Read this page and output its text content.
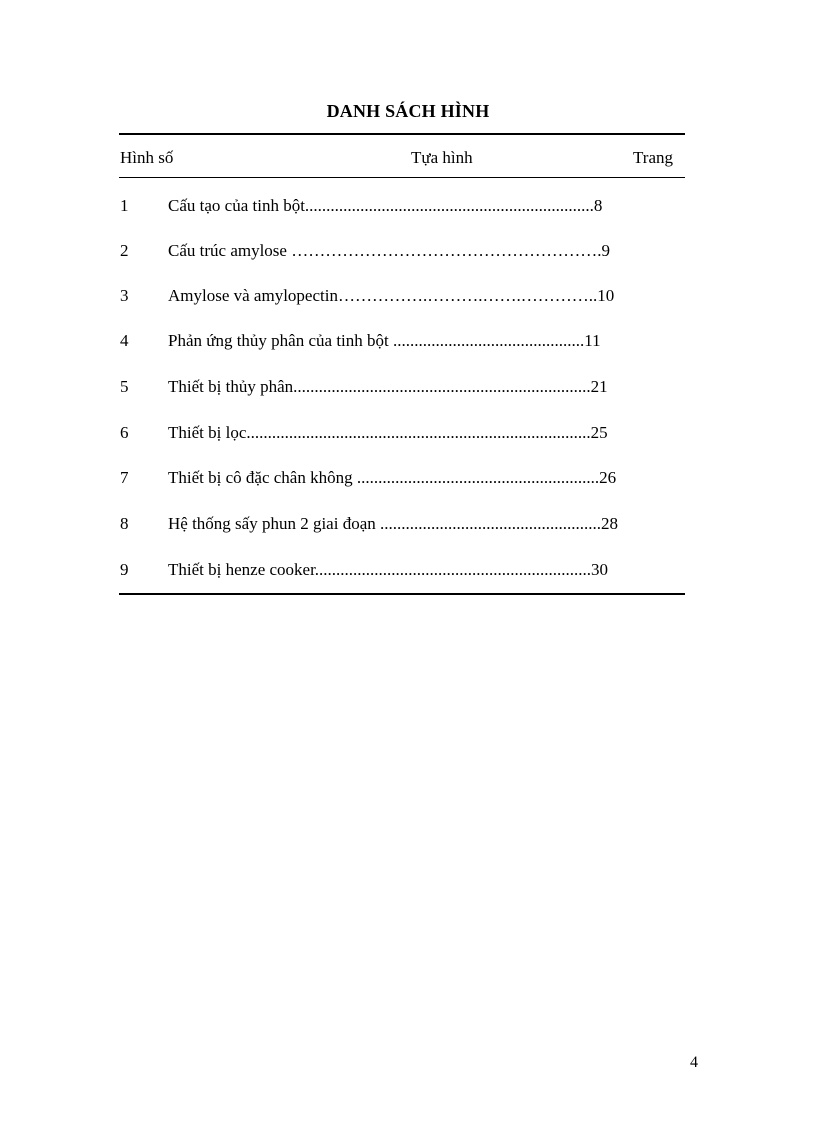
DANH SÁCH HÌNH
Hình số	Tựa hình	Trang
1 Cấu tạo của tinh bột....................................................................8
2 Cấu trúc amylose ……………………………………………….9
3 Amylose và amylopectin…………….……….…….…………..10
4 Phản ứng thủy phân của tinh bột .............................................11
5 Thiết bị thủy phân......................................................................21
6 Thiết bị lọc.................................................................................25
7 Thiết bị cô đặc chân không .........................................................26
8 Hệ thống sấy phun 2 giai đoạn ....................................................28
9 Thiết bị henze cooker.................................................................30
4
